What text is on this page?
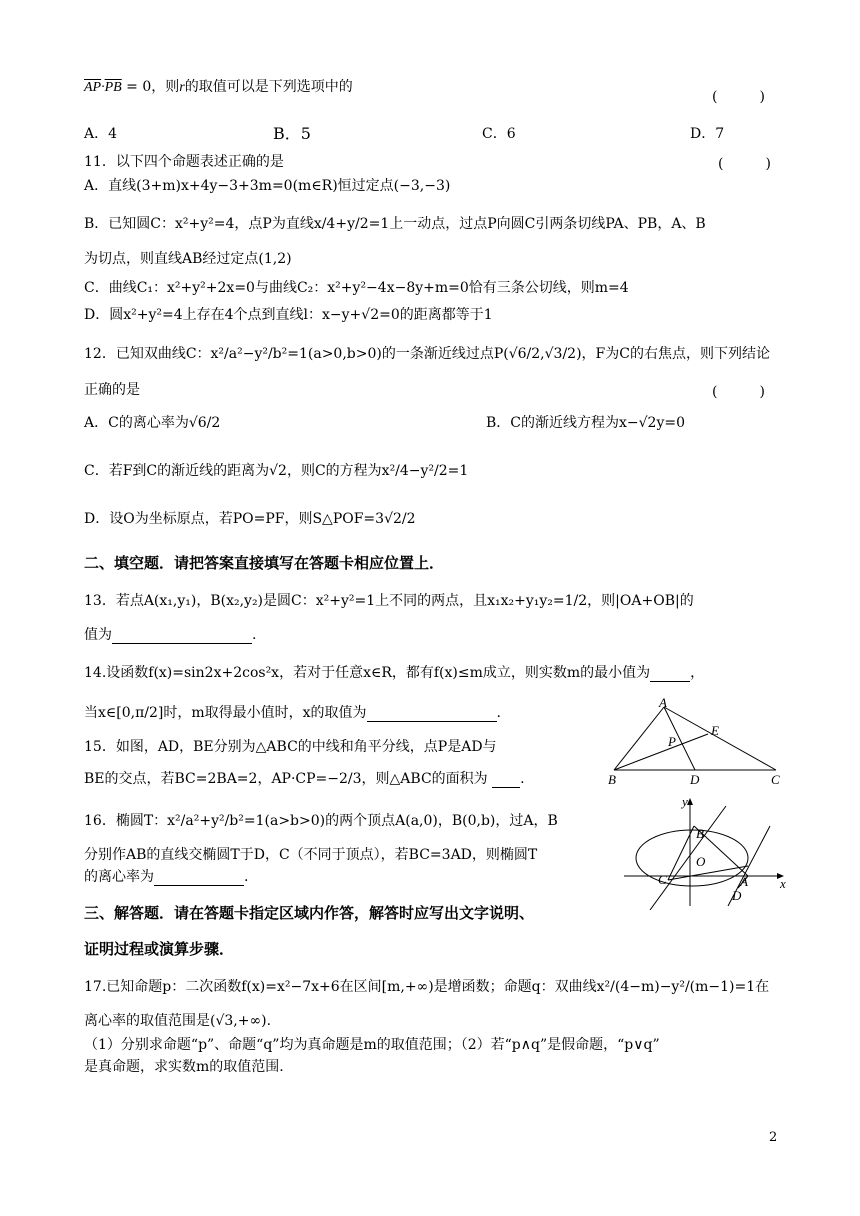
$\overline{AP}\cdot\overline{PB} = 0$，则r的取值可以是下列选项中的
(　　　)
A．4	B．5	C．6	D．7
11．以下四个命题表述正确的是	(　　　)
A．直线(3+m)x+4y−3+3m=0(m∈R)恒过定点(−3,−3)
B．已知圆C：x²+y²=4，点P为直线x/4+y/2=1上一动点，过点P向圆C引两条切线PA、PB，A、B
为切点，则直线AB经过定点(1,2)
C．曲线C₁：x²+y²+2x=0与曲线C₂：x²+y²−4x−8y+m=0恰有三条公切线，则m=4
D．圆x²+y²=4上存在4个点到直线l：x−y+√2=0的距离都等于1
12．已知双曲线C：x²/a²−y²/b²=1(a>0,b>0)的一条渐近线过点P(√6/2,√3/2)，F为C的右焦点，则下列结论
正确的是	(　　　)
A．C的离心率为√6/2	B．C的渐近线方程为x−√2y=0
C．若F到C的渐近线的距离为√2，则C的方程为x²/4−y²/2=1
D．设O为坐标原点，若PO=PF，则S△POF=3√2/2
二、填空题．请把答案直接填写在答题卡相应位置上．
13．若点A(x₁,y₁)，B(x₂,y₂)是圆C：x²+y²=1上不同的两点，且x₁x₂+y₁y₂=1/2，则|OA+OB|的
值为	.
14.设函数f(x)=sin2x+2cos²x，若对于任意x∈R，都有f(x)≤m成立，则实数m的最小值为	，
当x∈[0,π/2]时，m取得最小值时，x的取值为	.
15．如图，AD，BE分别为△ABC的中线和角平分线，点P是AD与
BE的交点，若BC=2BA=2，AP·CP=−2/3，则△ABC的面积为 .
A
E
P
B	D	C
16．椭圆T：x²/a²+y²/b²=1(a>b>0)的两个顶点A(a,0)，B(0,b)，过A，B
分别作AB的直线交椭圆T于D，C（不同于顶点），若BC=3AD，则椭圆T
的离心率为	.
y
B
O
C	A
D
x
三、解答题．请在答题卡指定区域内作答，解答时应写出文字说明、
证明过程或演算步骤．
17.已知命题p：二次函数f(x)=x²−7x+6在区间[m,+∞)是增函数；命题q：双曲线x²/(4−m)−y²/(m−1)=1在
离心率的取值范围是(√3,+∞).
（1）分别求命题“p”、命题“q”均为真命题是m的取值范围；（2）若“p∧q”是假命题，“p∨q”
是真命题，求实数m的取值范围.
2
